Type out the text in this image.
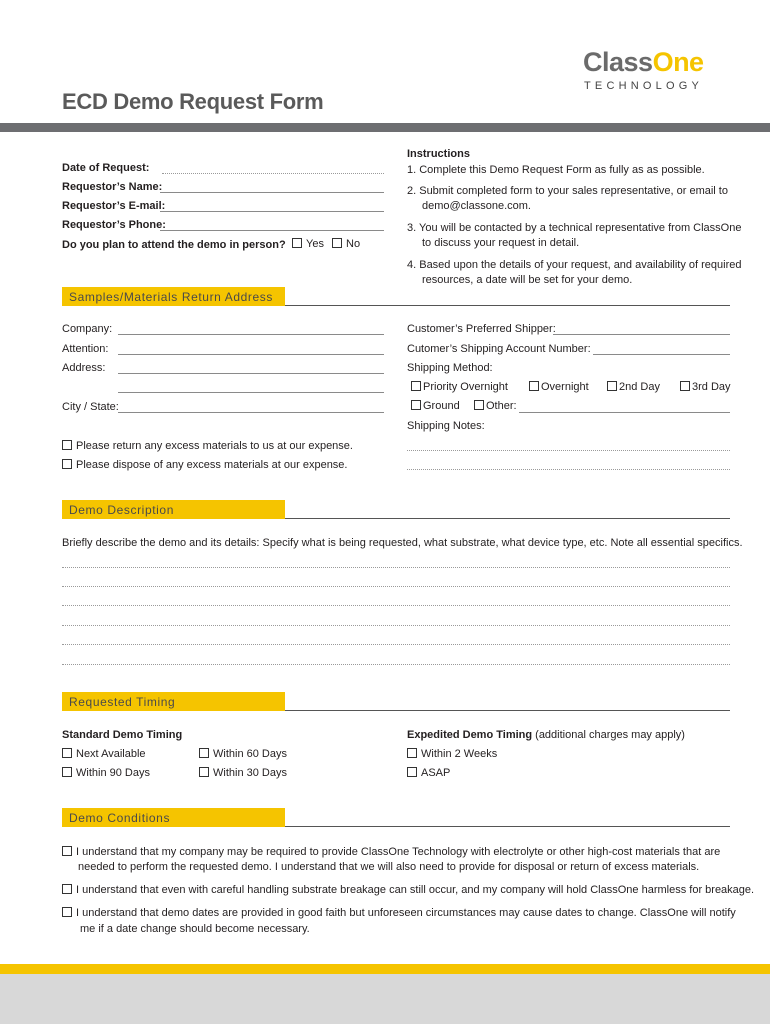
ECD Demo Request Form
ClassOne
TECHNOLOGY
Date of Request:
Requestor’s Name:
Requestor’s E-mail:
Requestor’s Phone:
Do you plan to attend the demo in person?	Yes	No
Instructions
1. Complete this Demo Request Form as fully as as possible.
2. Submit completed form to your sales representative, or email to
demo@classone.com.
3. You will be contacted by a technical representative from ClassOne
to discuss your request in detail.
4. Based upon the details of your request, and availability of required
resources, a date will be set for your demo.
Samples/Materials Return Address
Company:
Attention:
Address:
City / State:
Please return any excess materials to us at our expense.
Please dispose of any excess materials at our expense.
Customer’s Preferred Shipper:
Cutomer’s Shipping Account Number:
Shipping Method:
Priority Overnight	Overnight	2nd Day	3rd Day
Ground	Other:
Shipping Notes:
Demo Description
Briefly describe the demo and its details: Specify what is being requested, what substrate, what device type, etc. Note all essential specifics.
Requested Timing
Standard Demo Timing
Next Available	Within 60 Days
Within 90 Days	Within 30 Days
Expedited Demo Timing (additional charges may apply)
Within 2 Weeks
ASAP
Demo Conditions
I understand that my company may be required to provide ClassOne Technology with electrolyte or other high-cost materials that are
needed to perform the requested demo. I understand that we will also need to provide for disposal or return of excess materials.
I understand that even with careful handling substrate breakage can still occur, and my company will hold ClassOne harmless for breakage.
I understand that demo dates are provided in good faith but unforeseen circumstances may cause dates to change. ClassOne will notify
me if a date change should become necessary.
